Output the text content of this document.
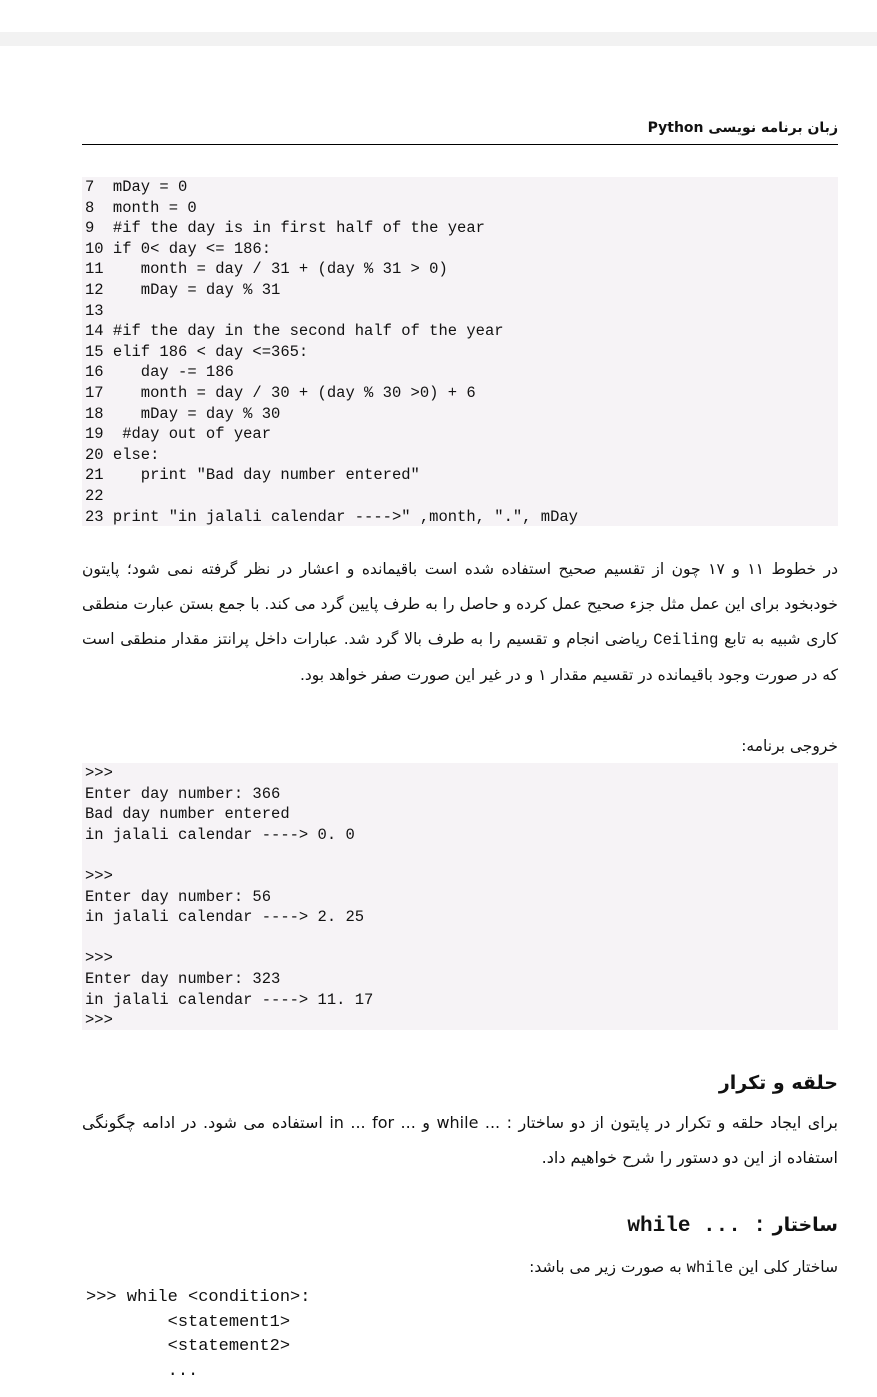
زبان برنامه نویسی Python
7  mDay = 0
8  month = 0
9  #if the day is in first half of the year
10 if 0< day <= 186:
11    month = day / 31 + (day % 31 > 0)
12    mDay = day % 31
13
14 #if the day in the second half of the year
15 elif 186 < day <=365:
16    day -= 186
17    month = day / 30 + (day % 30 >0) + 6
18    mDay = day % 30
19  #day out of year
20 else:
21    print "Bad day number entered"
22
23 print "in jalali calendar ---->" ,month, ".", mDay
در خطوط ۱۱ و ۱۷ چون از تقسیم صحیح استفاده شده است باقیمانده و اعشار در نظر گرفته نمی شود؛ پایتون خودبخود برای این عمل مثل جزء صحیح عمل کرده و حاصل را به طرف پایین گرد می کند. با جمع بستن عبارت منطقی کاری شبیه به تابع Ceiling ریاضی انجام و تقسیم را به طرف بالا گرد شد. عبارات داخل پرانتز مقدار منطقی است که در صورت وجود باقیمانده در تقسیم مقدار ۱ و در غیر این صورت صفر خواهد بود.
خروجی برنامه:
>>>
Enter day number: 366
Bad day number entered
in jalali calendar ----> 0. 0
>>>
Enter day number: 56
in jalali calendar ----> 2. 25
>>>
Enter day number: 323
in jalali calendar ----> 11. 17
>>>
حلقه و تکرار
برای ایجاد حلقه و تکرار در پایتون از دو ساختار : ... while و ... in ... for استفاده می شود. در ادامه چگونگی استفاده از این دو دستور را شرح خواهیم داد.
ساختار while ... :
ساختار کلی این while به صورت زیر می باشد:
>>> while <condition>:
<statement1>
<statement2>
...
